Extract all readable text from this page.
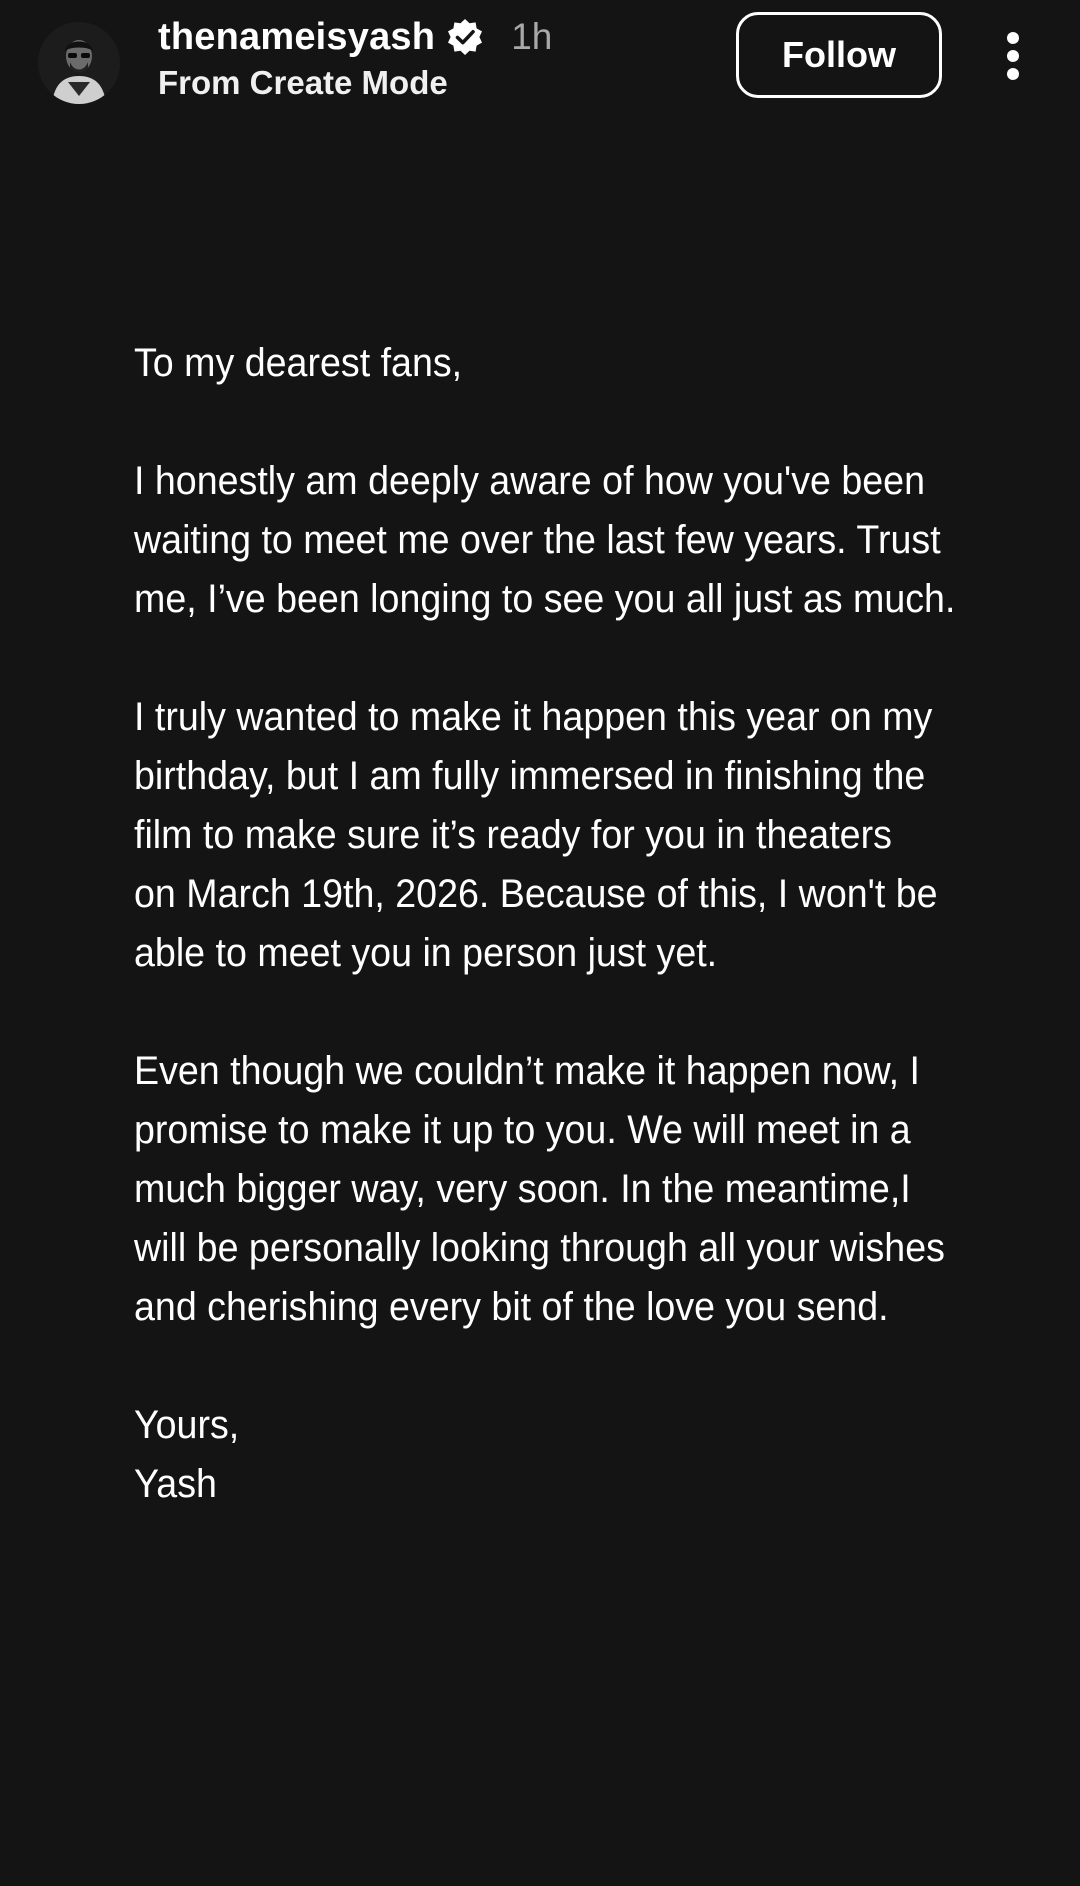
thenameisyash 1h
From Create Mode
Follow

To my dearest fans,

I honestly am deeply aware of how you've been
waiting to meet me over the last few years. Trust
me, I’ve been longing to see you all just as much.

I truly wanted to make it happen this year on my
birthday, but I am fully immersed in finishing the
film to make sure it’s ready for you in theaters
on March 19th, 2026. Because of this, I won't be
able to meet you in person just yet.

Even though we couldn’t make it happen now, I
promise to make it up to you. We will meet in a
much bigger way, very soon. In the meantime,I
will be personally looking through all your wishes
and cherishing every bit of the love you send.

Yours,
Yash
